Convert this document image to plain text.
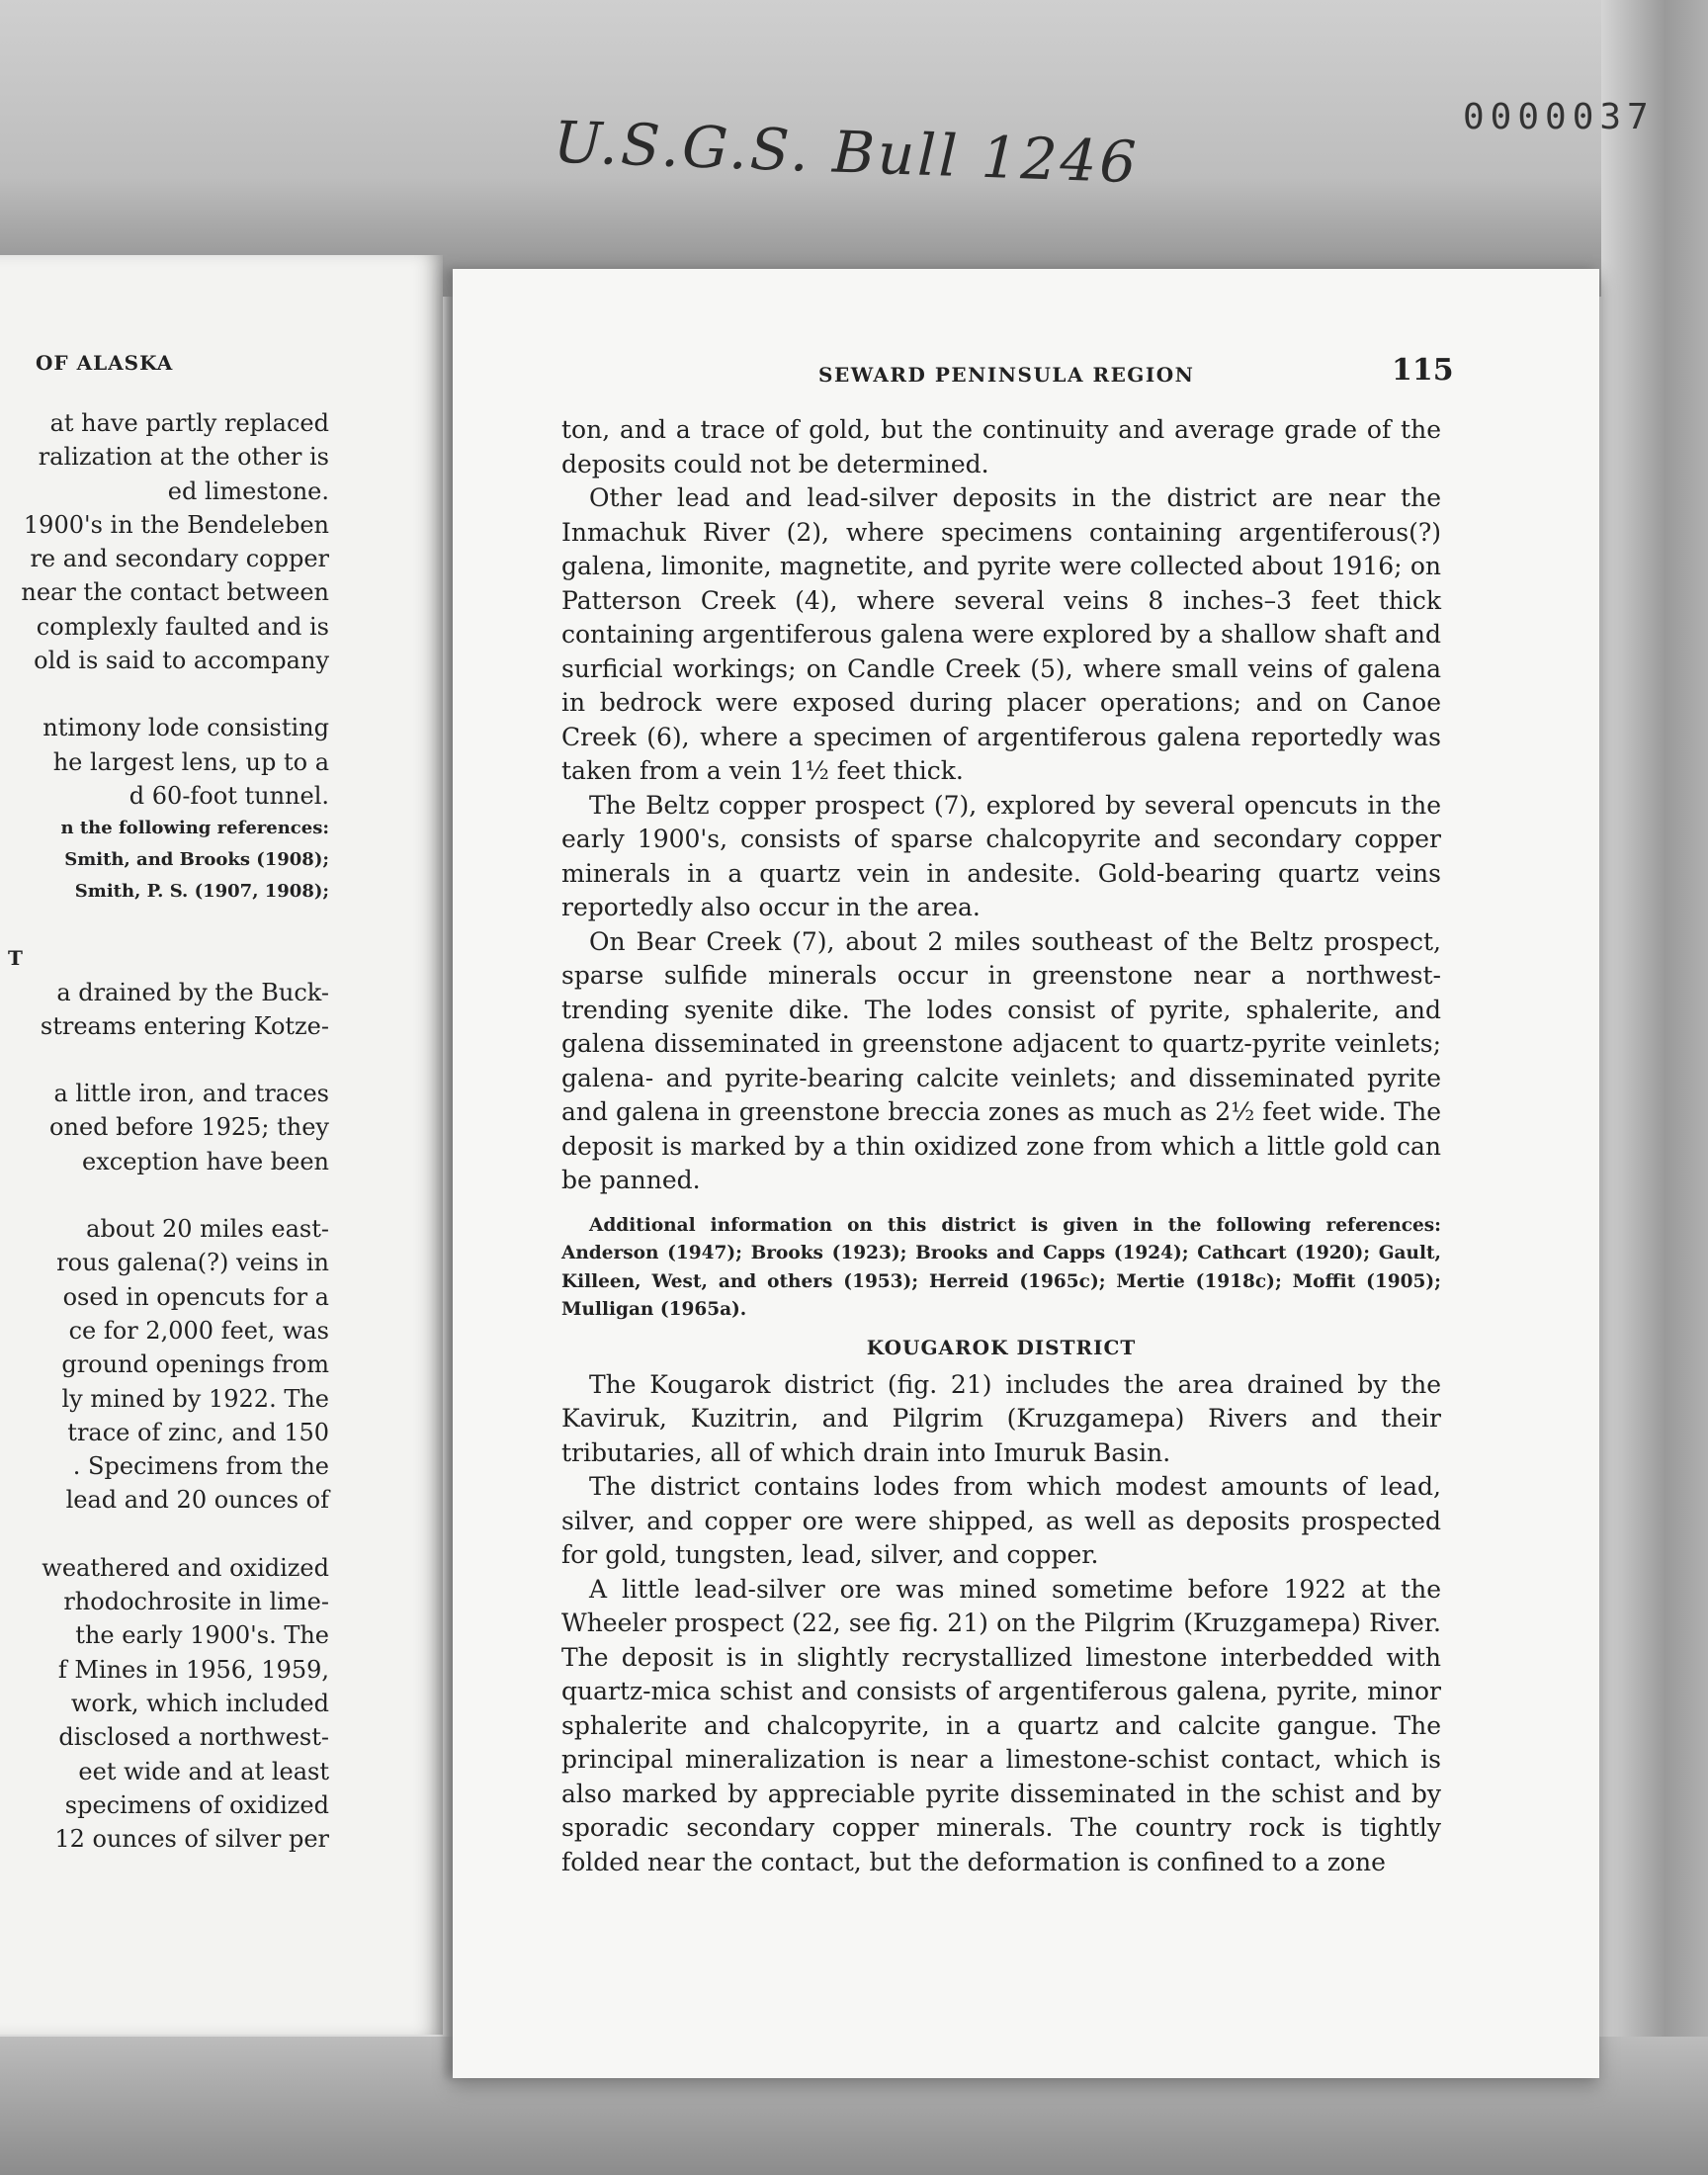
0000037
U.S.G.S. Bull 1246
OF ALASKA
at have partly replaced
ralization at the other is
ed limestone.
1900's in the Bendeleben
re and secondary copper
near the contact between
complexly faulted and is
old is said to accompany
ntimony lode consisting
he largest lens, up to a
d 60-foot tunnel.
n the following references:
Smith, and Brooks (1908);
Smith, P. S. (1907, 1908);
T
a drained by the Buck-
streams entering Kotze-
a little iron, and traces
oned before 1925; they
exception have been
about 20 miles east-
rous galena(?) veins in
osed in opencuts for a
ce for 2,000 feet, was
ground openings from
ly mined by 1922. The
trace of zinc, and 150
. Specimens from the
lead and 20 ounces of
weathered and oxidized
rhodochrosite in lime-
the early 1900's. The
f Mines in 1956, 1959,
work, which included
disclosed a northwest-
eet wide and at least
specimens of oxidized
12 ounces of silver per
SEWARD PENINSULA REGION	115

ton, and a trace of gold, but the continuity and average grade of the deposits could not be determined.

Other lead and lead-silver deposits in the district are near the Inmachuk River (2), where specimens containing argentiferous(?) galena, limonite, magnetite, and pyrite were collected about 1916; on Patterson Creek (4), where several veins 8 inches–3 feet thick containing argentiferous galena were explored by a shallow shaft and surficial workings; on Candle Creek (5), where small veins of galena in bedrock were exposed during placer operations; and on Canoe Creek (6), where a specimen of argentiferous galena reportedly was taken from a vein 1½ feet thick.

The Beltz copper prospect (7), explored by several opencuts in the early 1900's, consists of sparse chalcopyrite and secondary copper minerals in a quartz vein in andesite. Gold-bearing quartz veins reportedly also occur in the area.

On Bear Creek (7), about 2 miles southeast of the Beltz prospect, sparse sulfide minerals occur in greenstone near a northwest-trending syenite dike. The lodes consist of pyrite, sphalerite, and galena disseminated in greenstone adjacent to quartz-pyrite veinlets; galena- and pyrite-bearing calcite veinlets; and disseminated pyrite and galena in greenstone breccia zones as much as 2½ feet wide. The deposit is marked by a thin oxidized zone from which a little gold can be panned.

Additional information on this district is given in the following references: Anderson (1947); Brooks (1923); Brooks and Capps (1924); Cathcart (1920); Gault, Killeen, West, and others (1953); Herreid (1965c); Mertie (1918c); Moffit (1905); Mulligan (1965a).

KOUGAROK DISTRICT

The Kougarok district (fig. 21) includes the area drained by the Kaviruk, Kuzitrin, and Pilgrim (Kruzgamepa) Rivers and their tributaries, all of which drain into Imuruk Basin.

The district contains lodes from which modest amounts of lead, silver, and copper ore were shipped, as well as deposits prospected for gold, tungsten, lead, silver, and copper.

A little lead-silver ore was mined sometime before 1922 at the Wheeler prospect (22, see fig. 21) on the Pilgrim (Kruzgamepa) River. The deposit is in slightly recrystallized limestone interbedded with quartz-mica schist and consists of argentiferous galena, pyrite, minor sphalerite and chalcopyrite, in a quartz and calcite gangue. The principal mineralization is near a limestone-schist contact, which is also marked by appreciable pyrite disseminated in the schist and by sporadic secondary copper minerals. The country rock is tightly folded near the contact, but the deformation is confined to a zone
